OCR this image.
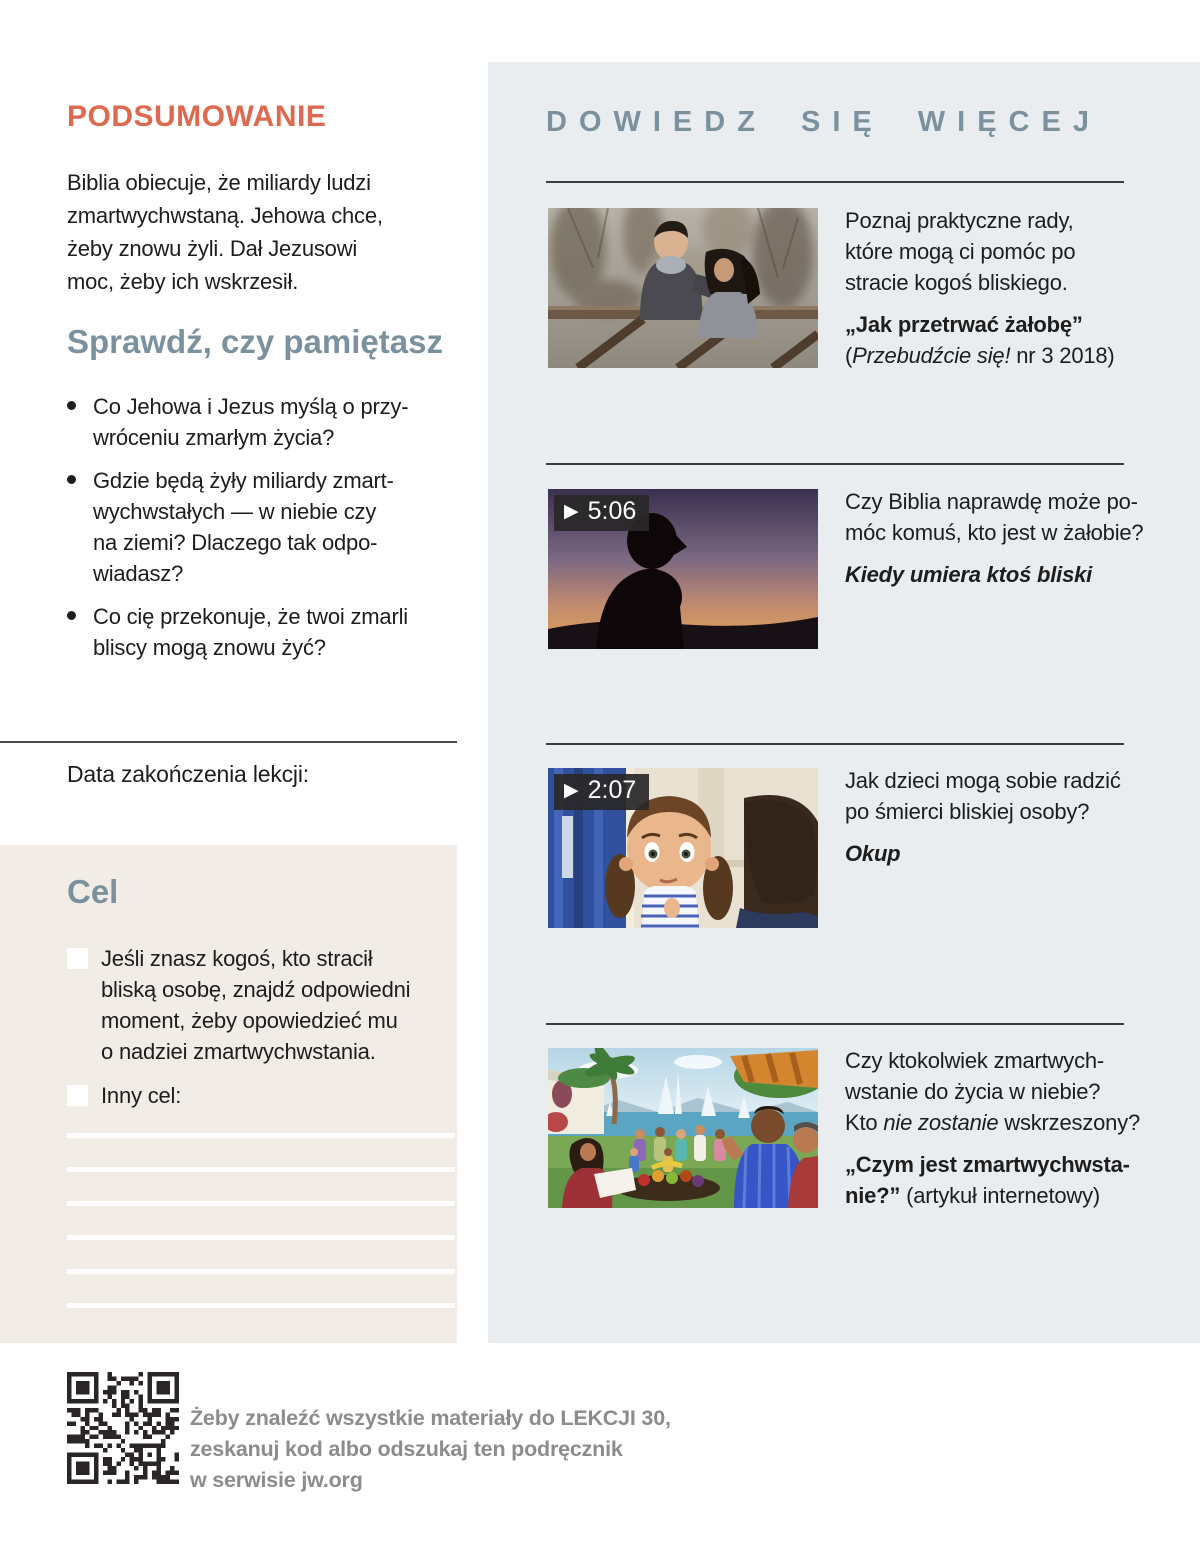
PODSUMOWANIE
Biblia obiecuje, że miliardy ludzi
zmartwychwstaną. Jehowa chce,
żeby znowu żyli. Dał Jezusowi
moc, żeby ich wskrzesił.
Sprawdź, czy pamiętasz
Co Jehowa i Jezus myślą o przy-
wróceniu zmarłym życia?
Gdzie będą żyły miliardy zmart-
wychwstałych — w niebie czy
na ziemi? Dlaczego tak odpo-
wiadasz?
Co cię przekonuje, że twoi zmarli
bliscy mogą znowu żyć?
Data zakończenia lekcji:
Cel
Jeśli znasz kogoś, kto stracił
bliską osobę, znajdź odpowiedni
moment, żeby opowiedzieć mu
o nadziei zmartwychwstania.
Inny cel:
Żeby znaleźć wszystkie materiały do LEKCJI 30,
zeskanuj kod albo odszukaj ten podręcznik
w serwisie jw.org
DOWIEDZ SIĘ WIĘCEJ
Poznaj praktyczne rady,
które mogą ci pomóc po
stracie kogoś bliskiego.
„Jak przetrwać żałobę”
(Przebudźcie się! nr 3 2018)
▶ 5:06	Czy Biblia naprawdę może po-
móc komuś, kto jest w żałobie?
Kiedy umiera ktoś bliski
▶ 2:07	Jak dzieci mogą sobie radzić
po śmierci bliskiej osoby?
Okup
Czy ktokolwiek zmartwych-
wstanie do życia w niebie?
Kto nie zostanie wskrzeszony?
„Czym jest zmartwychwsta-
nie?” (artykuł internetowy)
